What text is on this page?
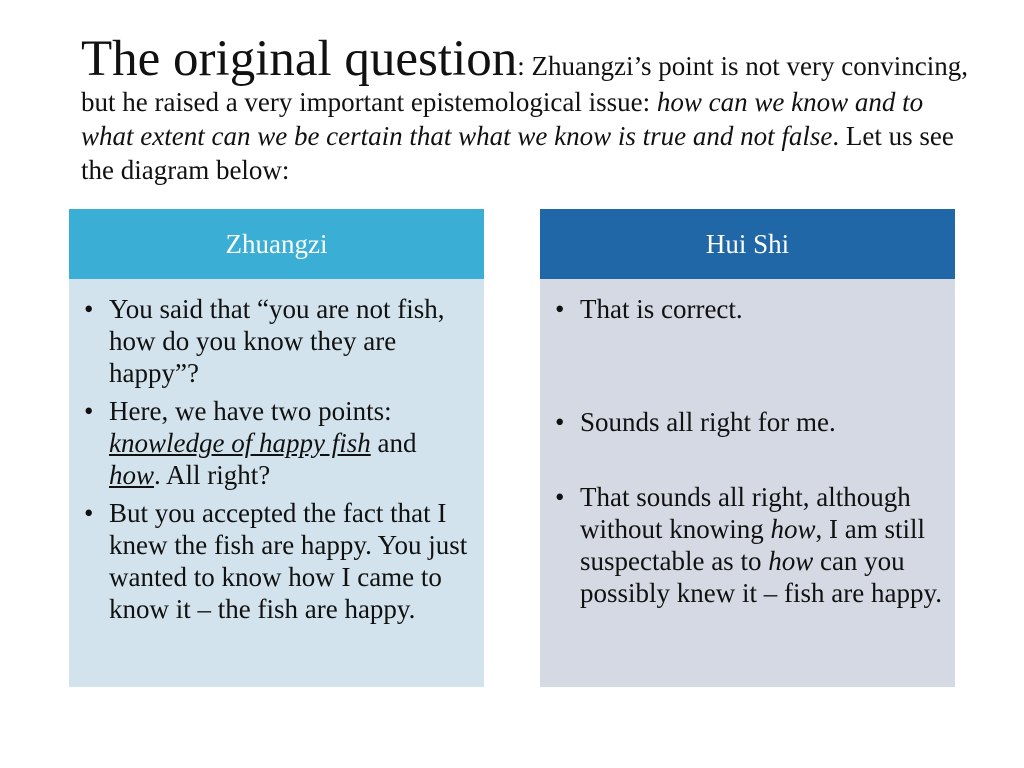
The original question: Zhuangzi’s point is not very convincing, but he raised a very important epistemological issue: how can we know and to what extent can we be certain that what we know is true and not false. Let us see the diagram below:
Zhuangzi
• You said that “you are not fish, how do you know they are happy”?
• Here, we have two points: knowledge of happy fish and how. All right?
• But you accepted the fact that I knew the fish are happy. You just wanted to know how I came to know it – the fish are happy.
Hui Shi
• That is correct.
• Sounds all right for me.
• That sounds all right, although without knowing how, I am still suspectable as to how can you possibly knew it – fish are happy.
